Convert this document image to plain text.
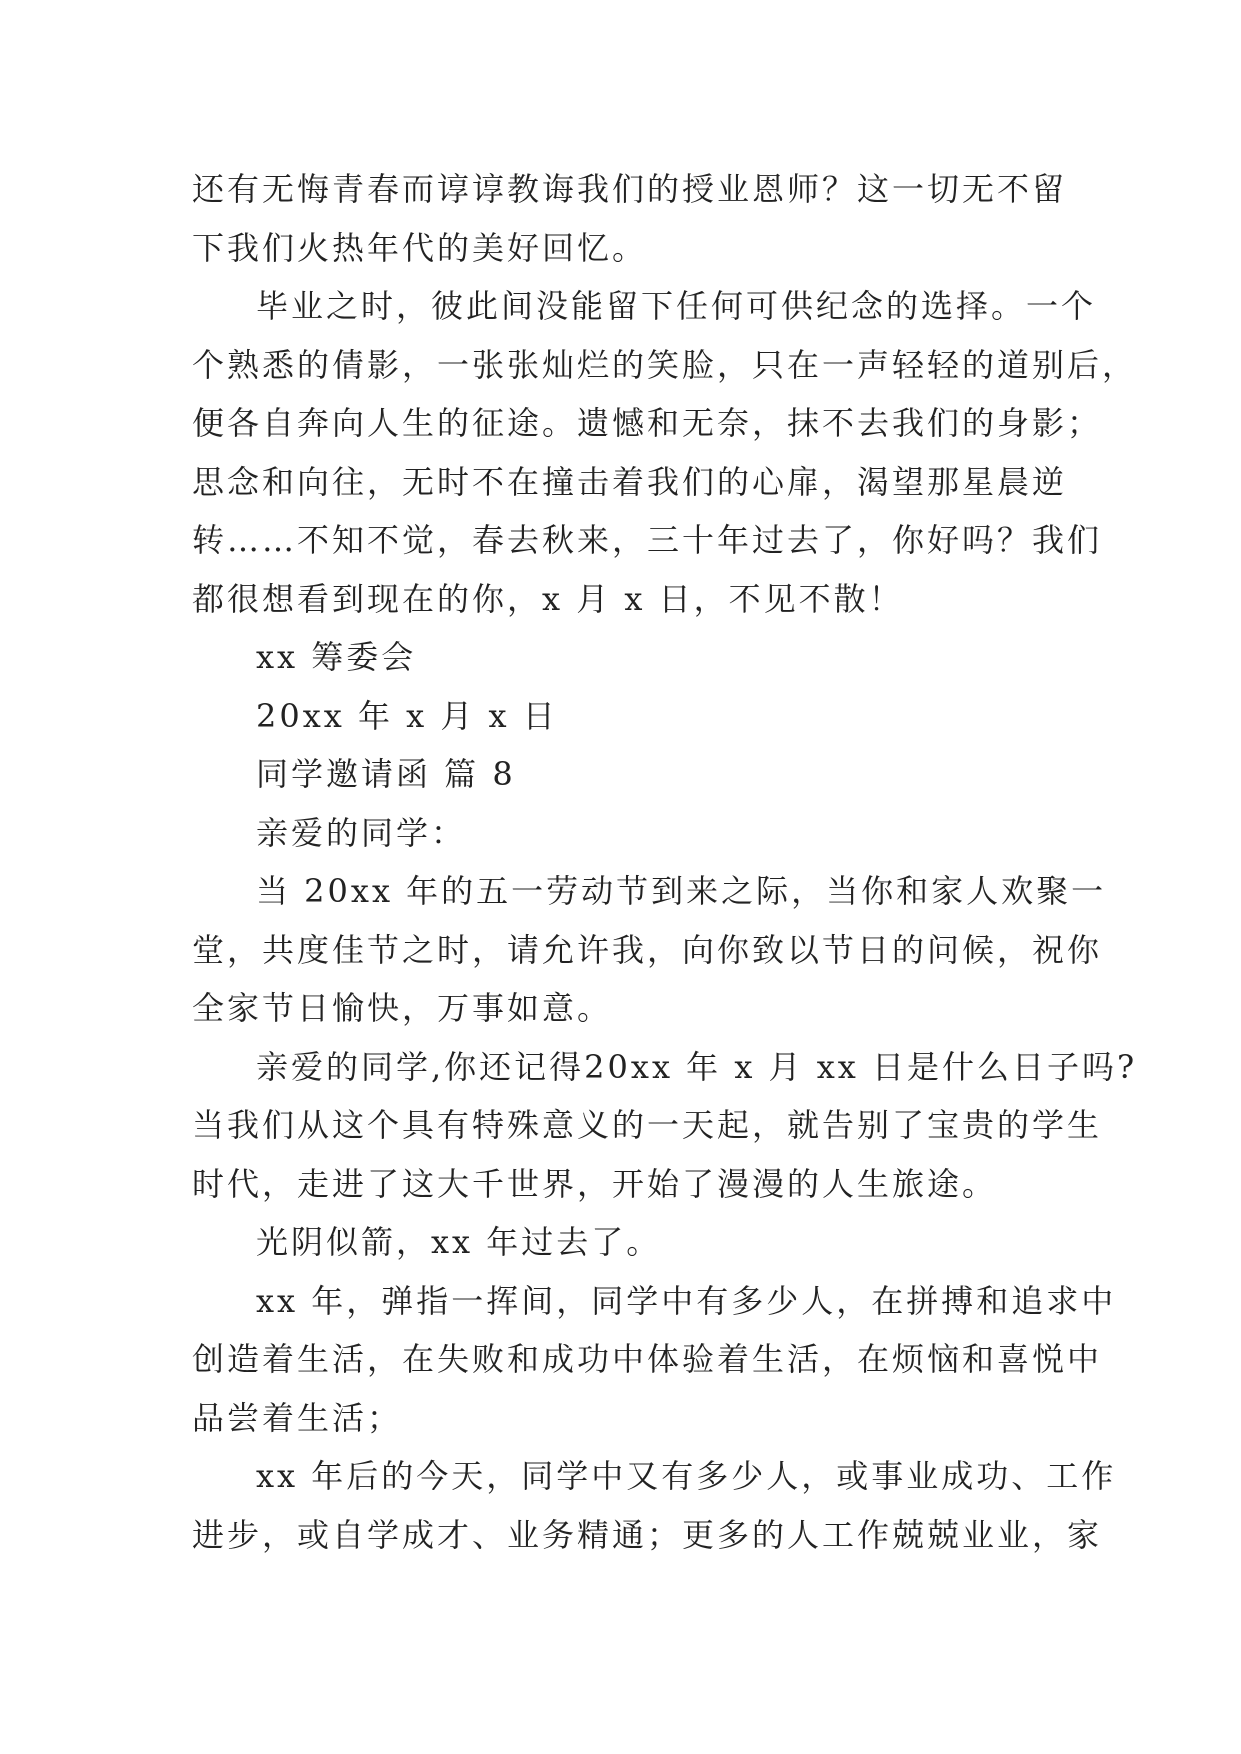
还有无悔青春而谆谆教诲我们的授业恩师？这一切无不留
下我们火热年代的美好回忆。
毕业之时，彼此间没能留下任何可供纪念的选择。一个
个熟悉的倩影，一张张灿烂的笑脸，只在一声轻轻的道别后，
便各自奔向人生的征途。遗憾和无奈，抹不去我们的身影；
思念和向往，无时不在撞击着我们的心扉，渴望那星晨逆
转……不知不觉，春去秋来，三十年过去了，你好吗？我们
都很想看到现在的你，x 月 x 日，不见不散！
xx 筹委会
20xx 年 x 月 x 日
同学邀请函 篇 8
亲爱的同学：
当 20xx 年的五一劳动节到来之际，当你和家人欢聚一
堂，共度佳节之时，请允许我，向你致以节日的问候，祝你
全家节日愉快，万事如意。
亲爱的同学,你还记得20xx 年 x 月 xx 日是什么日子吗?
当我们从这个具有特殊意义的一天起，就告别了宝贵的学生
时代，走进了这大千世界，开始了漫漫的人生旅途。
光阴似箭，xx 年过去了。
xx 年，弹指一挥间，同学中有多少人，在拼搏和追求中
创造着生活，在失败和成功中体验着生活，在烦恼和喜悦中
品尝着生活；
xx 年后的今天，同学中又有多少人，或事业成功、工作
进步，或自学成才、业务精通；更多的人工作兢兢业业，家
